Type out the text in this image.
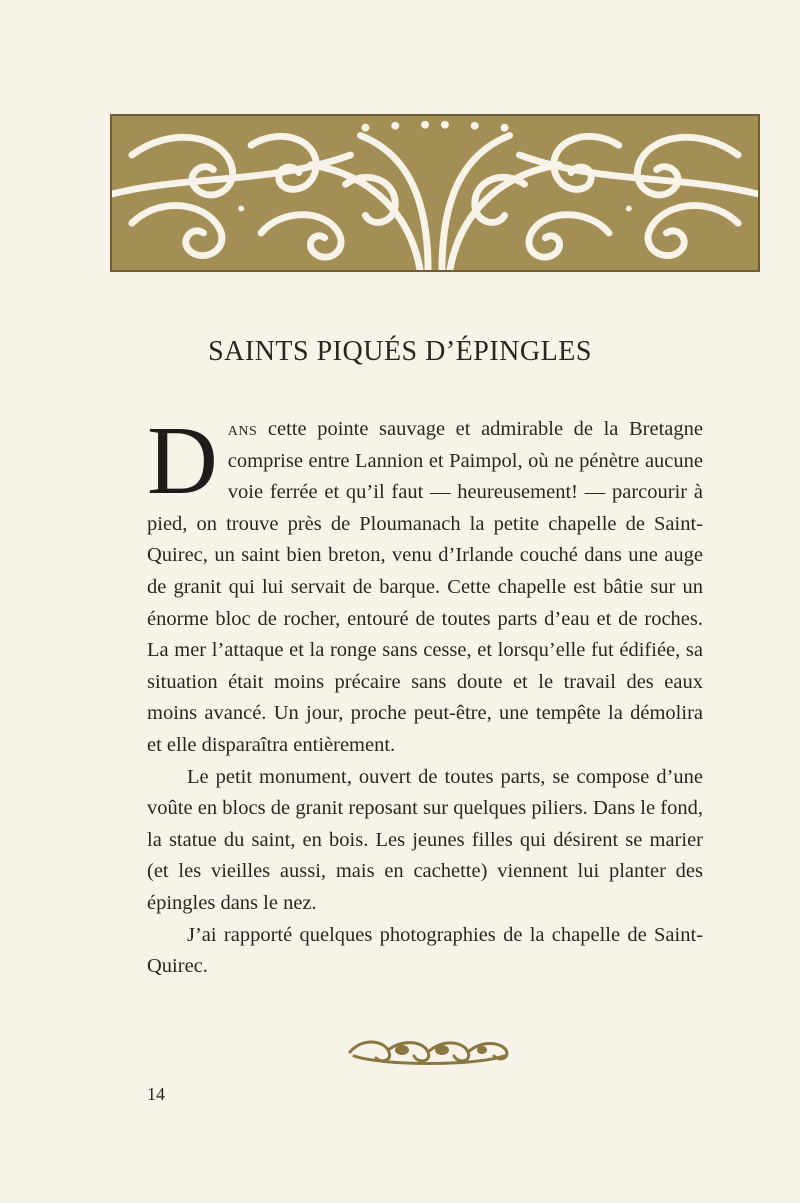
SAINTS PIQUÉS D’ÉPINGLES

Dans cette pointe sauvage et admirable de la Bretagne comprise entre Lannion et Paimpol, où ne pénètre aucune voie ferrée et qu’il faut — heureusement! — parcourir à pied, on trouve près de Ploumanach la petite chapelle de Saint-Quirec, un saint bien breton, venu d’Irlande couché dans une auge de granit qui lui servait de barque. Cette chapelle est bâtie sur un énorme bloc de rocher, entouré de toutes parts d’eau et de roches. La mer l’attaque et la ronge sans cesse, et lorsqu’elle fut édifiée, sa situation était moins précaire sans doute et le travail des eaux moins avancé. Un jour, proche peut-être, une tempête la démolira et elle disparaîtra entièrement.

Le petit monument, ouvert de toutes parts, se compose d’une voûte en blocs de granit reposant sur quelques piliers. Dans le fond, la statue du saint, en bois. Les jeunes filles qui désirent se marier (et les vieilles aussi, mais en cachette) viennent lui planter des épingles dans le nez.

J’ai rapporté quelques photographies de la chapelle de Saint-Quirec.

14
